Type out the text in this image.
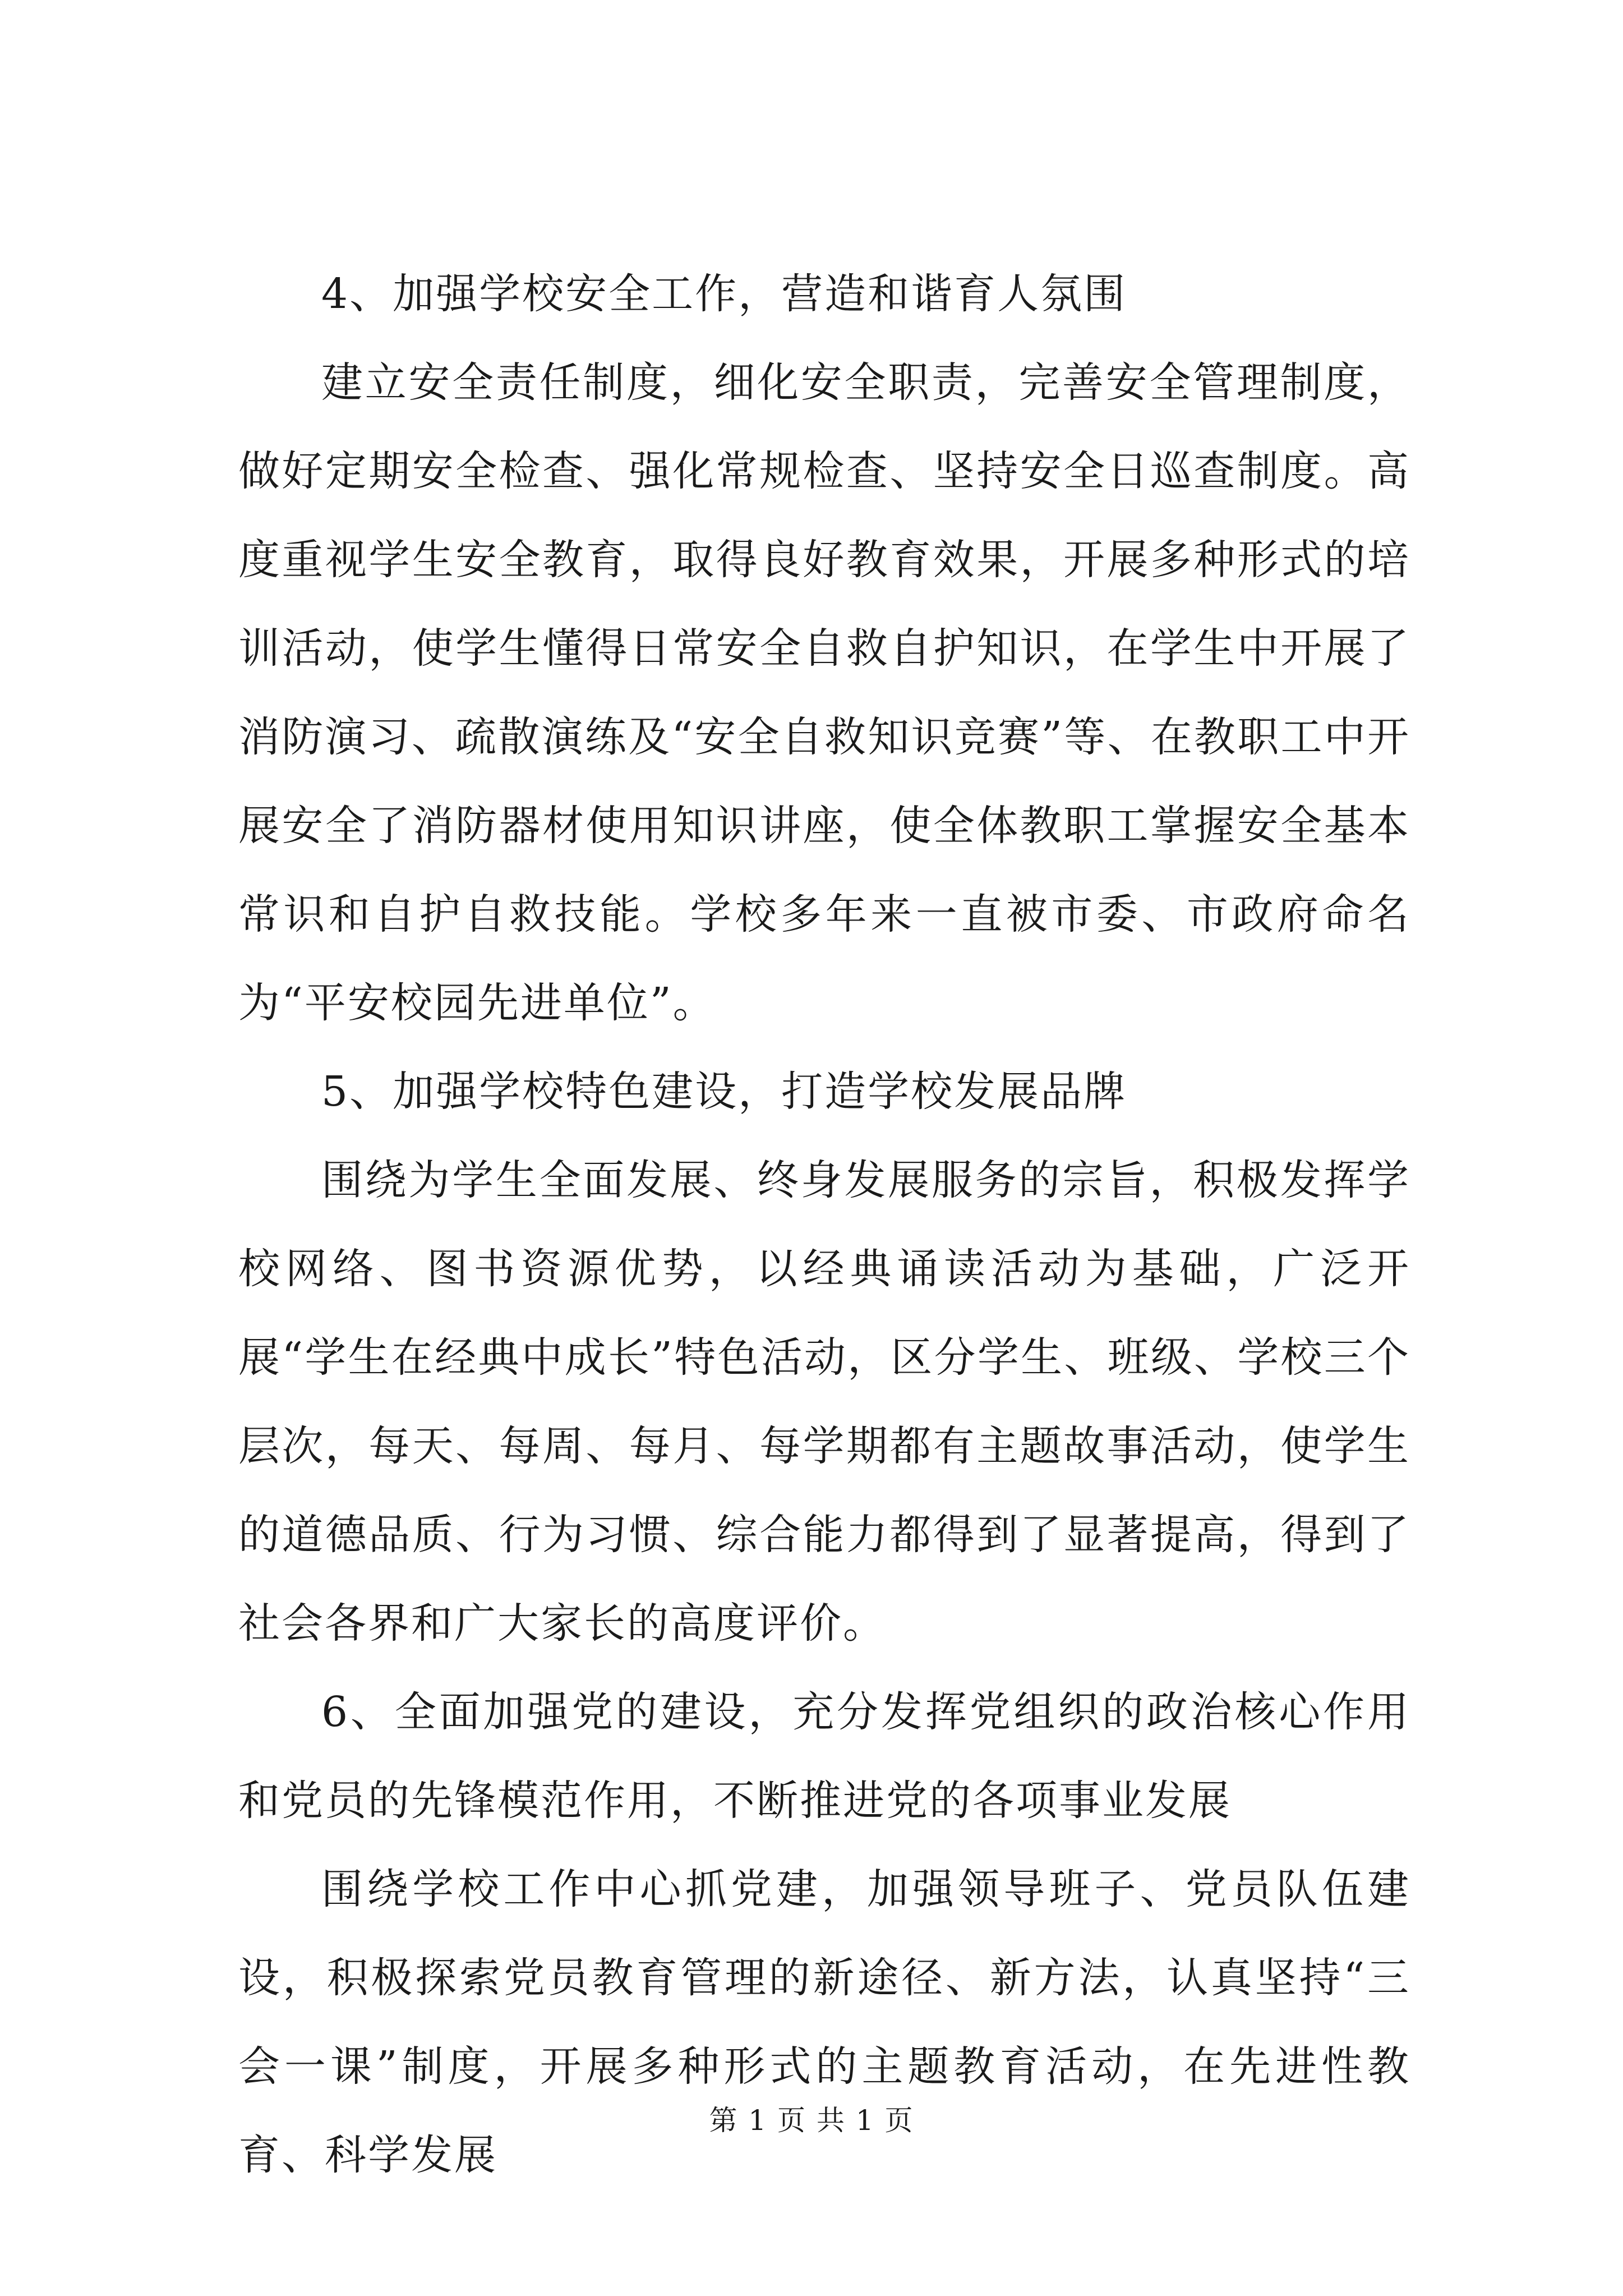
4、加强学校安全工作，营造和谐育人氛围

建立安全责任制度，细化安全职责，完善安全管理制度，做好定期安全检查、强化常规检查、坚持安全日巡查制度。高度重视学生安全教育，取得良好教育效果，开展多种形式的培训活动，使学生懂得日常安全自救自护知识，在学生中开展了消防演习、疏散演练及“安全自救知识竞赛”等、在教职工中开展安全了消防器材使用知识讲座，使全体教职工掌握安全基本常识和自护自救技能。学校多年来一直被市委、市政府命名为“平安校园先进单位”。

5、加强学校特色建设，打造学校发展品牌

围绕为学生全面发展、终身发展服务的宗旨，积极发挥学校网络、图书资源优势，以经典诵读活动为基础，广泛开展“学生在经典中成长”特色活动，区分学生、班级、学校三个层次，每天、每周、每月、每学期都有主题故事活动，使学生的道德品质、行为习惯、综合能力都得到了显著提高，得到了社会各界和广大家长的高度评价。

6、全面加强党的建设，充分发挥党组织的政治核心作用和党员的先锋模范作用，不断推进党的各项事业发展

围绕学校工作中心抓党建，加强领导班子、党员队伍建设，积极探索党员教育管理的新途径、新方法，认真坚持“三会一课”制度，开展多种形式的主题教育活动，在先进性教育、科学发展

第 1 页 共 1 页
